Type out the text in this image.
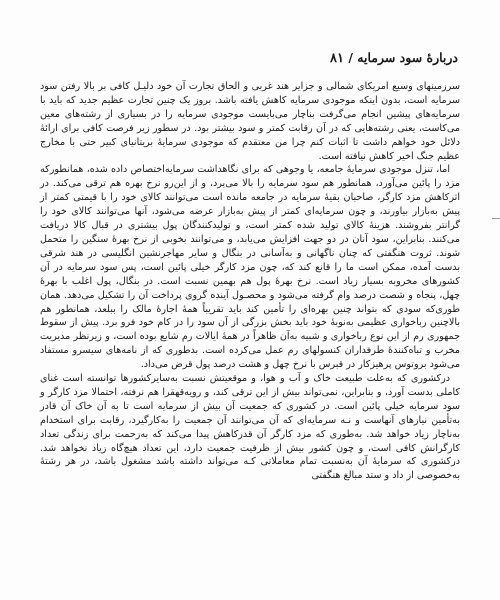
دربارهٔ سود سرمایه / ۸۱

سرزمینهای وسیع امریکای شمالی و جزایر هند غربی و الحاق تجارت آن خود دلیـل کافی بر بالا رفتن سود سرمایه است، بدون اینکه موجودی سرمایه کاهش یافته باشد. بروز یک چنین تجارت عظیم جدید که باید با سرمایه‌های پیشین انجام می‌گرفت بناچار می‌بایست موجودی سرمایه را در بسیاری از رشته‌های معین می‌کاست، یعنی رشته‌هایی که در آن رقابت کمتر و سود بیشتر بود. در سطور زیر فرصت کافی برای ارائهٔ دلائل خود خواهم داشت تا اثبات کنم چرا من معتقدم که موجودی سرمایهٔ بریتانیای کبیر حتی با مخارج عظیم جنگ اخیر کاهش نیافته است.

اما، تنزل موجودی سرمایهٔ جامعه، یا وجوهی که برای نگاهداشت سرمایه‌اختصاص داده شده، همانطورکه مزد را پائین می‌آورد، همانطور هم سود سرمایه را بالا می‌برد، و از این‌رو نرخ بهره هم ترقی می‌کند. در اثرکاهش مزد کارگر، صاحبان بقیهٔ سرمایه در جامعه مانده است می‌توانند کالای خود را با قیمتی کمتر از پیش به‌بازار بیاورند، و چون سرمایه‌ای کمتر از پیش به‌بازار عرضه می‌شود، آنها می‌توانند کالای خود را گرانتر بفروشند. هزینهٔ کالای تولید شده کمتر است، و تولیدکنندگان پول بیشتری در قبال کالا دریافت می‌کنند. بنابراین، سود آنان در دو جهت افزایش می‌یابد، و می‌توانند بخوبی از نرخ بهرهٔ سنگین را متحمل شوند. ثروت هنگفتی که چنان ناگهانی و به‌آسانی در بنگال و سایر مهاجرنشین انگلیسی در هند شرقی بدست آمده، ممکن است ما را قانع کند که، چون مزد کارگر خیلی پائین است، پس سود سرمایه در آن کشورهای مخروبه بسیار زیاد است. نرخ بهرهٔ پول هم بهمین نسبت است. در بنگال، پول اغلب با بهرهٔ چهل، پنجاه و شصت درصد وام گرفته می‌شود و محصـول آینده گروی پرداخت آن را تشکیل می‌دهد. همان طوری‌که سودی که بتواند چنین بهره‌ای را تأمین کند باید تقریباً همهٔ اجارهٔ مالک را ببلعد، همانطور هم بالاچنین رباخواری عظیمی به‌نوبهٔ خود باید بخش بزرگی از آن سود را در کام خود فرو برد. پیش از سقوط جمهوری رم از این نوع رباخواری و شبیه به‌آن ظاهراً در همهٔ ایالات رم شایع بوده است، و زیرنظر مدیریت مخرب و تباه‌کنندهٔ طرفداران کنسولهای رم عمل می‌کرده است. بدطوری که از نامه‌های سیسرو مستفاد می‌شود بروتوس پرهیزکار در قبرس با نرخ چهل و هشت درصد پول قرض می‌داد.

درکشوری که به‌علت طبیعت خاک و آب و هوا، و موقعیتش نسبت به‌سایرکشورها توانسته است غنای کاملی بدست آورد، و بنابراین، نمی‌تواند بیش از این ترقی کند، و رویه‌قهقرا هم نرفته، احتمالا مزد کارگر و سود سرمایه خیلی پائین است. در کشوری که جمعیت آن بیش از سرمایه است تا به آن خاک آن قادر به‌تأمین نیازهای آنهاست و نـه سرمایه‌ای که آن می‌توانند آن جمعیت را به‌کارگیرد، رقابت برای استخدام به‌ناچار زیاد خواهد شد. به‌طوری که مزد کارگر آن قدرکاهش پیدا می‌کند که به‌زحمت برای زندگی تعداد کارگرانش کافی است، و چون کشور بیش از ظرفیت جمعیت دارد، این تعداد هیچ‌گاه زیاد نخواهد شد. درکشوری که سرمایهٔ آن به‌نسبت تمام معاملاتی کـه می‌تواند داشته باشد مشغول باشد، در هر رشتهٔ به‌خصوصی از داد و ستد مبالغ هنگفتی
